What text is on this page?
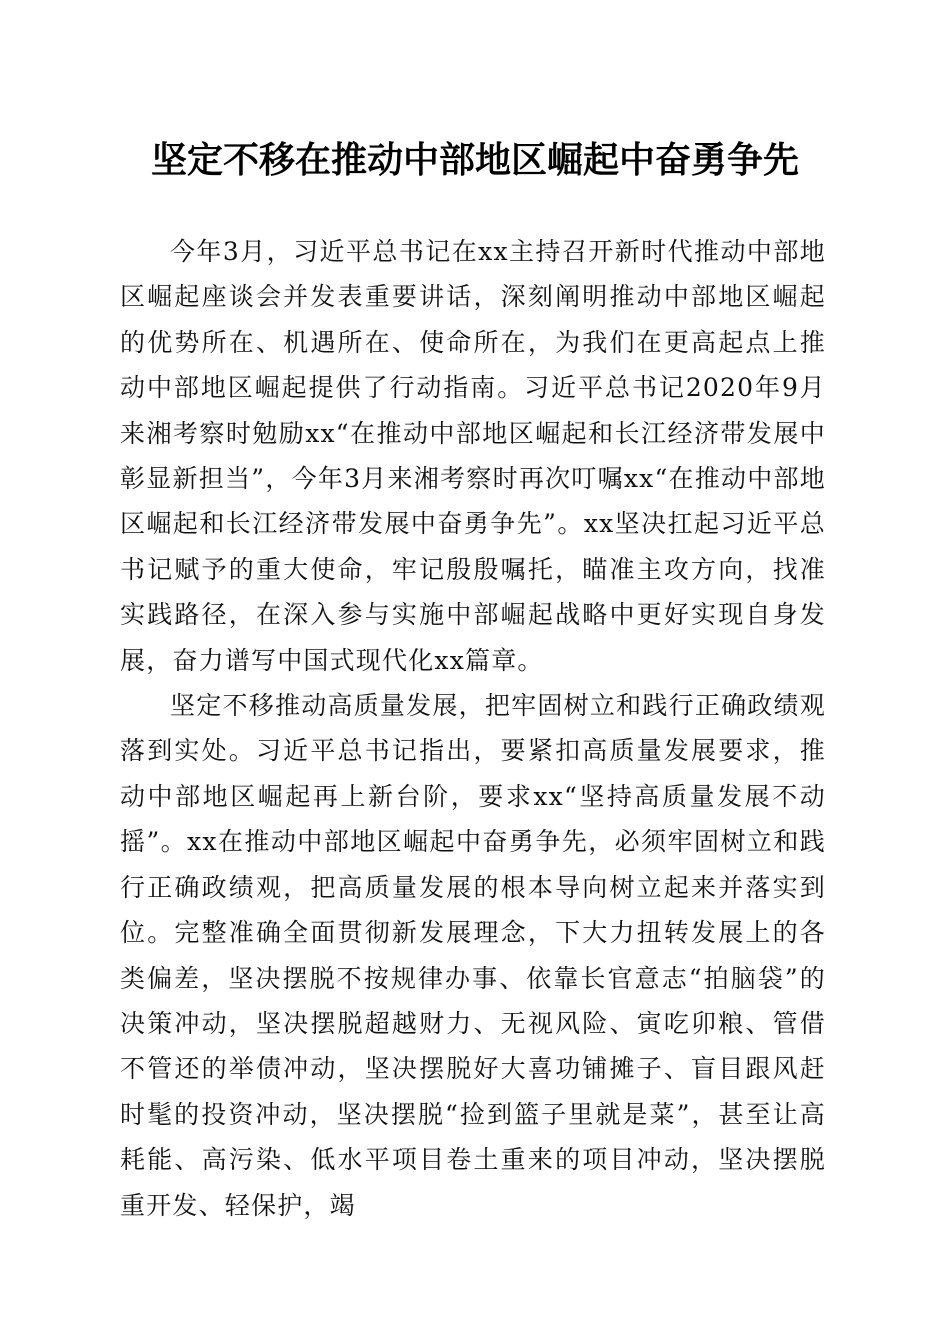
坚定不移在推动中部地区崛起中奋勇争先

今年3月，习近平总书记在xx主持召开新时代推动中部地区崛起座谈会并发表重要讲话，深刻阐明推动中部地区崛起的优势所在、机遇所在、使命所在，为我们在更高起点上推动中部地区崛起提供了行动指南。习近平总书记2020年9月来湘考察时勉励xx“在推动中部地区崛起和长江经济带发展中彰显新担当”，今年3月来湘考察时再次叮嘱xx“在推动中部地区崛起和长江经济带发展中奋勇争先”。xx坚决扛起习近平总书记赋予的重大使命，牢记殷殷嘱托，瞄准主攻方向，找准实践路径，在深入参与实施中部崛起战略中更好实现自身发展，奋力谱写中国式现代化xx篇章。

坚定不移推动高质量发展，把牢固树立和践行正确政绩观落到实处。习近平总书记指出，要紧扣高质量发展要求，推动中部地区崛起再上新台阶，要求xx“坚持高质量发展不动摇”。xx在推动中部地区崛起中奋勇争先，必须牢固树立和践行正确政绩观，把高质量发展的根本导向树立起来并落实到位。完整准确全面贯彻新发展理念，下大力扭转发展上的各类偏差，坚决摆脱不按规律办事、依靠长官意志“拍脑袋”的决策冲动，坚决摆脱超越财力、无视风险、寅吃卯粮、管借不管还的举债冲动，坚决摆脱好大喜功铺摊子、盲目跟风赶时髦的投资冲动，坚决摆脱“捡到篮子里就是菜”，甚至让高耗能、高污染、低水平项目卷土重来的项目冲动，坚决摆脱重开发、轻保护，竭
